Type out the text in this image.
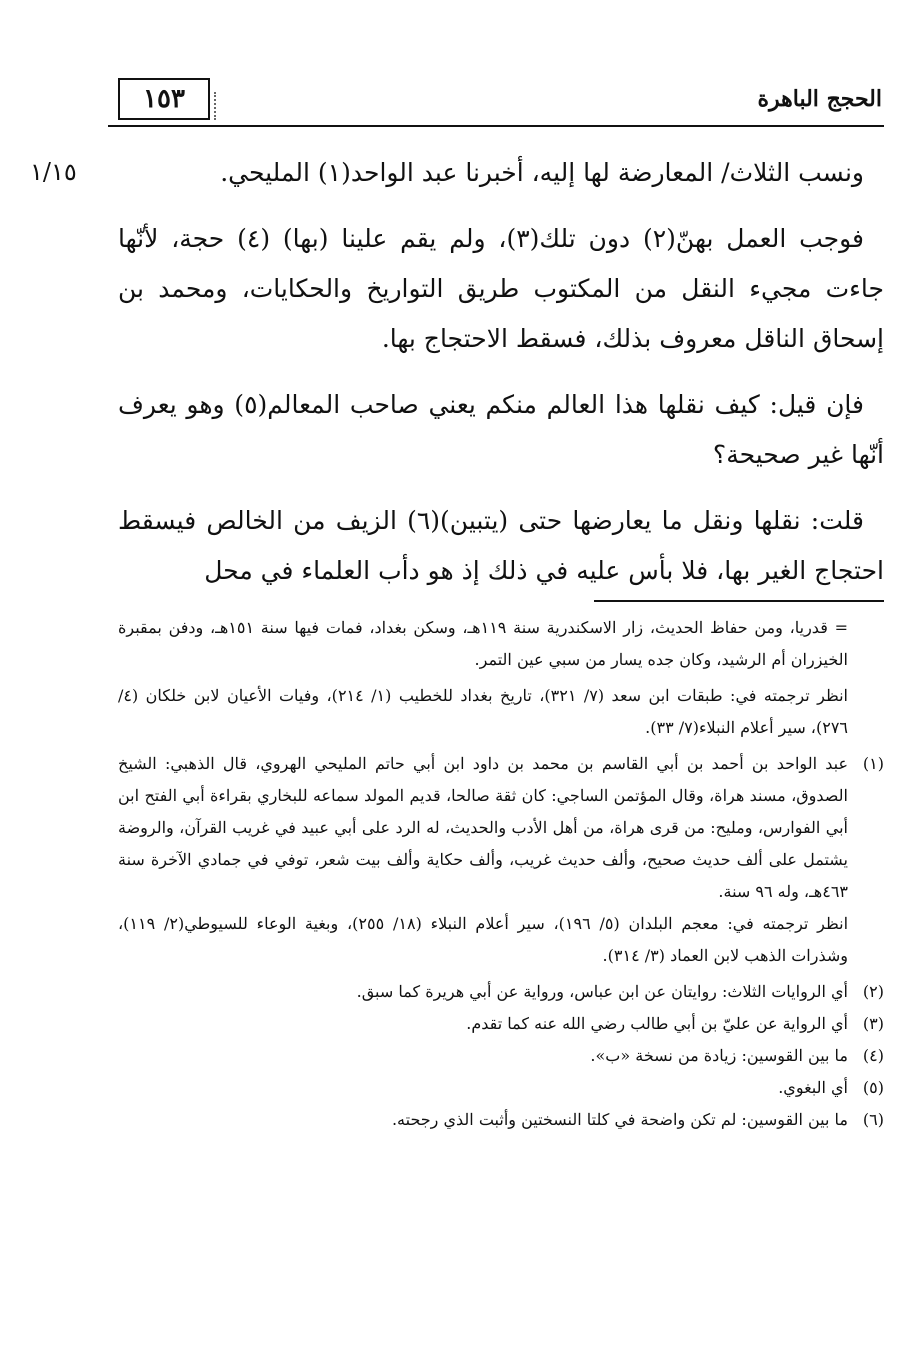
١٥٣	الحجج الباهرة
١/١٥	ونسب الثلاث/ المعارضة لها إليه، أخبرنا عبد الواحد(١) المليحي.

فوجب العمل بهنّ(٢) دون تلك(٣)، ولم يقم علينا (بها) (٤) حجة، لأنّها جاءت مجيء النقل من المكتوب طريق التواريخ والحكايات، ومحمد بن إسحاق الناقل معروف بذلك، فسقط الاحتجاج بها.

فإن قيل: كيف نقلها هذا العالم منكم يعني صاحب المعالم(٥) وهو يعرف أنّها غير صحيحة؟

قلت: نقلها ونقل ما يعارضها حتى (يتبين)(٦) الزيف من الخالص فيسقط احتجاج الغير بها، فلا بأس عليه في ذلك إذ هو دأب العلماء في محل

= قدريا، ومن حفاظ الحديث، زار الاسكندرية سنة ١١٩هـ، وسكن بغداد، فمات فيها سنة ١٥١هـ، ودفن بمقبرة الخيزران أم الرشيد، وكان جده يسار من سبي عين التمر.

انظر ترجمته في: طبقات ابن سعد (٧/ ٣٢١)، تاريخ بغداد للخطيب (١/ ٢١٤)، وفيات الأعيان لابن خلكان (٤/ ٢٧٦)، سير أعلام النبلاء(٧/ ٣٣).

(١)
عبد الواحد بن أحمد بن أبي القاسم بن محمد بن داود ابن أبي حاتم المليحي الهروي، قال الذهبي: الشيخ الصدوق، مسند هراة، وقال المؤتمن الساجي: كان ثقة صالحا، قديم المولد سماعه للبخاري بقراءة أبي الفتح ابن أبي الفوارس، ومليح: من قرى هراة، من أهل الأدب والحديث، له الرد على أبي عبيد في غريب القرآن، والروضة يشتمل على ألف حديث صحيح، وألف حديث غريب، وألف حكاية وألف بيت شعر، توفي في جمادي الآخرة سنة ٤٦٣هـ، وله ٩٦ سنة.

انظر ترجمته في: معجم البلدان (٥/ ١٩٦)، سير أعلام النبلاء (١٨/ ٢٥٥)، وبغية الوعاء للسيوطي(٢/ ١١٩)، وشذرات الذهب لابن العماد (٣/ ٣١٤).

(٢)
أي الروايات الثلاث: روايتان عن ابن عباس، ورواية عن أبي هريرة كما سبق.
(٣)
أي الرواية عن عليّ بن أبي طالب رضي الله عنه كما تقدم.
(٤)
ما بين القوسين: زيادة من نسخة «ب».
(٥)
أي البغوي.
(٦)
ما بين القوسين: لم تكن واضحة في كلتا النسختين وأثبت الذي رجحته.
